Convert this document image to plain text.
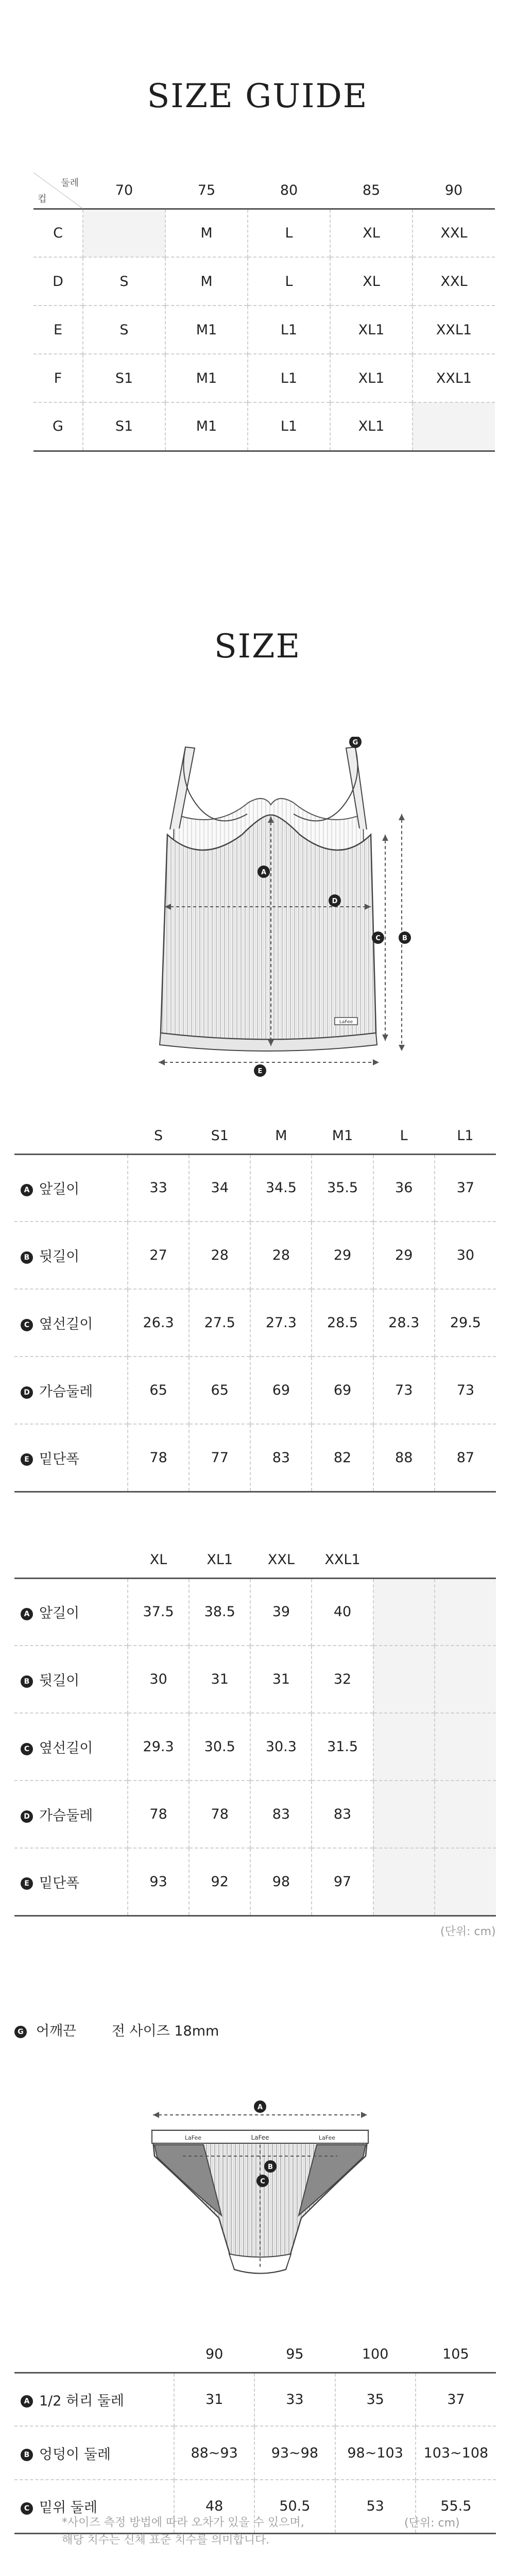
SIZE GUIDE
둘레
컵	70	75	80	85	90
C		M	L	XL	XXL
D	S	M	L	XL	XXL
E	S	M1	L1	XL1	XXL1
F	S1	M1	L1	XL1	XXL1
G	S1	M1	L1	XL1	
SIZE
LaFee
A
D
C	B
E
G
	S	S1	M	M1	L	L1
A 앞길이	33	34	34.5	35.5	36	37
B 뒷길이	27	28	28	29	29	30
C 옆선길이	26.3	27.5	27.3	28.5	28.3	29.5
D 가슴둘레	65	65	69	69	73	73
E 밑단폭	78	77	83	82	88	87
	XL	XL1	XXL	XXL1		
A 앞길이	37.5	38.5	39	40		
B 뒷길이	30	31	31	32		
C 옆선길이	29.3	30.5	30.3	31.5		
D 가슴둘레	78	78	83	83		
E 밑단폭	93	92	98	97		
(단위: cm)
G 어깨끈	전 사이즈 18mm
A
LaFee
LaFee	LaFee
B
C
	90	95	100	105
A 1/2 허리 둘레	31	33	35	37
B 엉덩이 둘레	88~93	93~98	98~103	103~108
C 밑위 둘레	48	50.5	53	55.5
*사이즈 측정 방법에 따라 오차가 있을 수 있으며,
해당 치수는 신체 표준 치수를 의미합니다.
(단위: cm)
